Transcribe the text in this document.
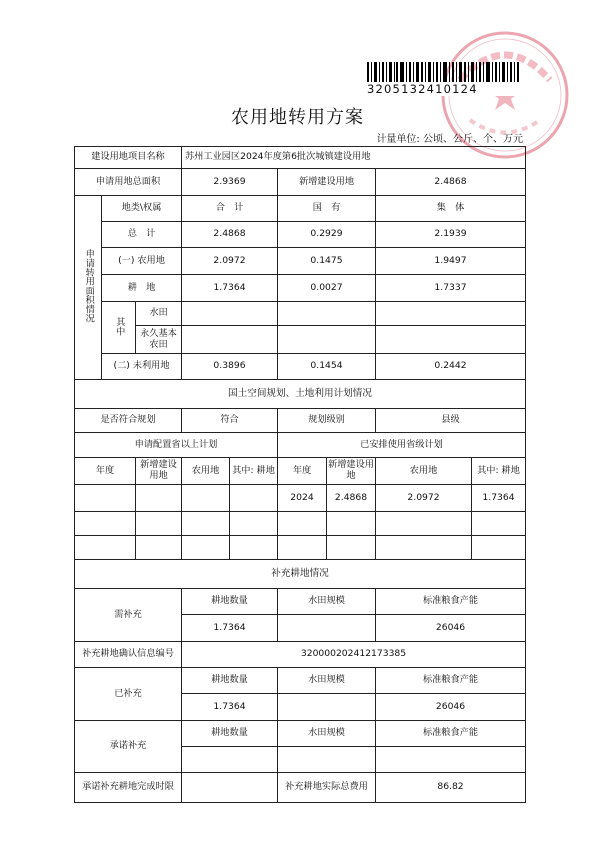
3205132410124
农用地转用方案
计量单位: 公顷、公斤、个、万元
建设用地项目名称			苏州工业园区2024年度第6批次城镇建设用地					
申请用地总面积			2.9369		新增建设用地		2.4868	
申请转用面积情况	地类\权属		合　计		国　有		集　体	
	总　计		2.4868		0.2929		2.1939	
	(一) 农用地		2.0972		0.1475		1.9497	
	耕　地		1.7364		0.0027		1.7337	
	其中	水田						
		永久基本农田						
	(二) 未利用地		0.3896		0.1454		0.2442	
国土空间规划、土地利用计划情况								
是否符合规划			符合		规划级别		县级	
申请配置省以上计划					已安排使用省级计划			
年度		新增建设用地	农用地	其中: 耕地	年度	新增建设用地	农用地	其中: 耕地
					2024	2.4868	2.0972	1.7364

补充耕地情况								
需补充			耕地数量		水田规模		标准粮食产能	
			1.7364				26046	
补充耕地确认信息编号			320000202412173385					
已补充			耕地数量		水田规模		标准粮食产能	
			1.7364				26046	
承诺补充			耕地数量		水田规模		标准粮食产能	

承诺补充耕地完成时限					补充耕地实际总费用		86.82	
